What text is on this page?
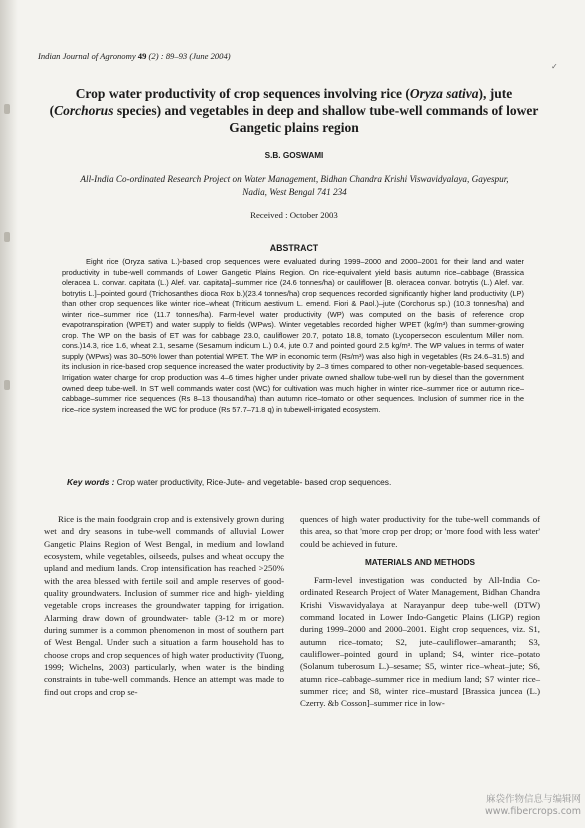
Indian Journal of Agronomy 49 (2) : 89–93 (June 2004)
✓
Crop water productivity of crop sequences involving rice (Oryza sativa), jute (Corchorus species) and vegetables in deep and shallow tube-well commands of lower Gangetic plains region
S.B. GOSWAMI
All-India Co-ordinated Research Project on Water Management, Bidhan Chandra Krishi Viswavidyalaya, Gayespur,
Nadia, West Bengal 741 234
Received : October 2003
ABSTRACT
Eight rice (Oryza sativa L.)-based crop sequences were evaluated during 1999–2000 and 2000–2001 for their land and water productivity in tube-well commands of Lower Gangetic Plains Region. On rice-equivalent yield basis autumn rice–cabbage (Brassica oleracea L. convar. capitata (L.) Alef. var. capitata]–summer rice (24.6 tonnes/ha) or cauliflower [B. oleracea convar. botrytis (L.) Alef. var. botrytis L.]–pointed gourd (Trichosanthes dioca Rox b.)(23.4 tonnes/ha) crop sequences recorded significantly higher land productivity (LP) than other crop sequences like winter rice–wheat (Triticum aestivum L. emend. Fiori & Paol.)–jute (Corchorus sp.) (10.3 tonnes/ha) and winter rice–summer rice (11.7 tonnes/ha). Farm-level water productivity (WP) was computed on the basis of reference crop evapotranspiration (WPET) and water supply to fields (WPws). Winter vegetables recorded higher WPET (kg/m³) than summer-growing crop. The WP on the basis of ET was for cabbage 23.0, cauliflower 20.7, potato 18.8, tomato (Lycopersecon esculentum Miller nom. cons.)14.3, rice 1.6, wheat 2.1, sesame (Sesamum indicum L.) 0.4, jute 0.7 and pointed gourd 2.5 kg/m³. The WP values in terms of water supply (WPws) was 30–50% lower than potential WPET. The WP in economic term (Rs/m³) was also high in vegetables (Rs 24.6–31.5) and its inclusion in rice-based crop sequence increased the water productivity by 2–3 times compared to other non-vegetable-based sequences. Irrigation water charge for crop production was 4–6 times higher under private owned shallow tube-well run by diesel than the government owned deep tube-well. In ST well commands water cost (WC) for cultivation was much higher in winter rice–summer rice or autumn rice–cabbage–summer rice sequences (Rs 8–13 thousand/ha) than autumn rice–tomato or other sequences. Inclusion of summer rice in the rice–rice system increased the WC for produce (Rs 57.7–71.8 q) in tubewell-irrigated ecosystem.
Key words : Crop water productivity, Rice-Jute- and vegetable- based crop sequences.
Rice is the main foodgrain crop and is extensively grown during wet and dry seasons in tube-well commands of alluvial Lower Gangetic Plains Region of West Bengal, in medium and lowland ecosystem, while vegetables, oilseeds, pulses and wheat occupy the upland and medium lands. Crop intensification has reached >250% with the area blessed with fertile soil and ample reserves of good- quality groundwaters. Inclusion of summer rice and high- yielding vegetable crops increases the groundwater tapping for irrigation. Alarming draw down of groundwater- table (3-12 m or more) during summer is a common phenomenon in most of southern part of West Bengal. Under such a situation a farm household has to choose crops and crop sequences of high water productivity (Tuong, 1999; Wichelns, 2003) particularly, when water is the binding constraints in tube-well commands. Hence an attempt was made to find out crops and crop se-

quences of high water productivity for the tube-well commands of this area, so that 'more crop per drop; or 'more food with less water' could be achieved in future.

MATERIALS AND METHODS
Farm-level investigation was conducted by All-India Co-ordinated Research Project of Water Management, Bidhan Chandra Krishi Viswavidyalaya at Narayanpur deep tube-well (DTW) command located in Lower Indo-Gangetic Plains (LIGP) region during 1999–2000 and 2000–2001. Eight crop sequences, viz. S1, autumn rice–tomato; S2, jute–cauliflower–amaranth; S3, cauliflower–pointed gourd in upland; S4, winter rice–potato (Solanum tuberosum L.)–sesame; S5, winter rice–wheat–jute; S6, atumn rice–cabbage–summer rice in medium land; S7 winter rice–summer rice; and S8, winter rice–mustard [Brassica juncea (L.) Czerry. &b Cosson]–summer rice in low-
麻袋作物信息与编辑网
www.fibercrops.com
